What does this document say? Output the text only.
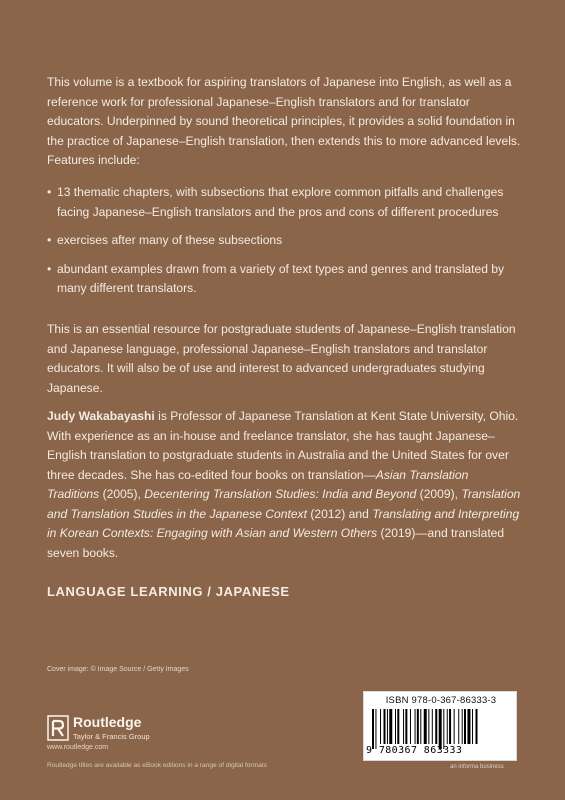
This volume is a textbook for aspiring translators of Japanese into English, as well as a reference work for professional Japanese–English translators and for translator educators. Underpinned by sound theoretical principles, it provides a solid foundation in the practice of Japanese–English translation, then extends this to more advanced levels. Features include:

• 13 thematic chapters, with subsections that explore common pitfalls and challenges facing Japanese–English translators and the pros and cons of different procedures
• exercises after many of these subsections
• abundant examples drawn from a variety of text types and genres and translated by many different translators.

This is an essential resource for postgraduate students of Japanese–English translation and Japanese language, professional Japanese–English translators and translator educators. It will also be of use and interest to advanced undergraduates studying Japanese.

Judy Wakabayashi is Professor of Japanese Translation at Kent State University, Ohio. With experience as an in-house and freelance translator, she has taught Japanese–English translation to postgraduate students in Australia and the United States for over three decades. She has co-edited four books on translation—Asian Translation Traditions (2005), Decentering Translation Studies: India and Beyond (2009), Translation and Translation Studies in the Japanese Context (2012) and Translating and Interpreting in Korean Contexts: Engaging with Asian and Western Others (2019)—and translated seven books.

LANGUAGE LEARNING / JAPANESE
Cover image: © Image Source / Getty Images
Routledge
Taylor & Francis Group
www.routledge.com
Routledge titles are available as eBook editions in a range of digital formats	an informa business
ISBN 978-0-367-86333-3
9 780367 863333
